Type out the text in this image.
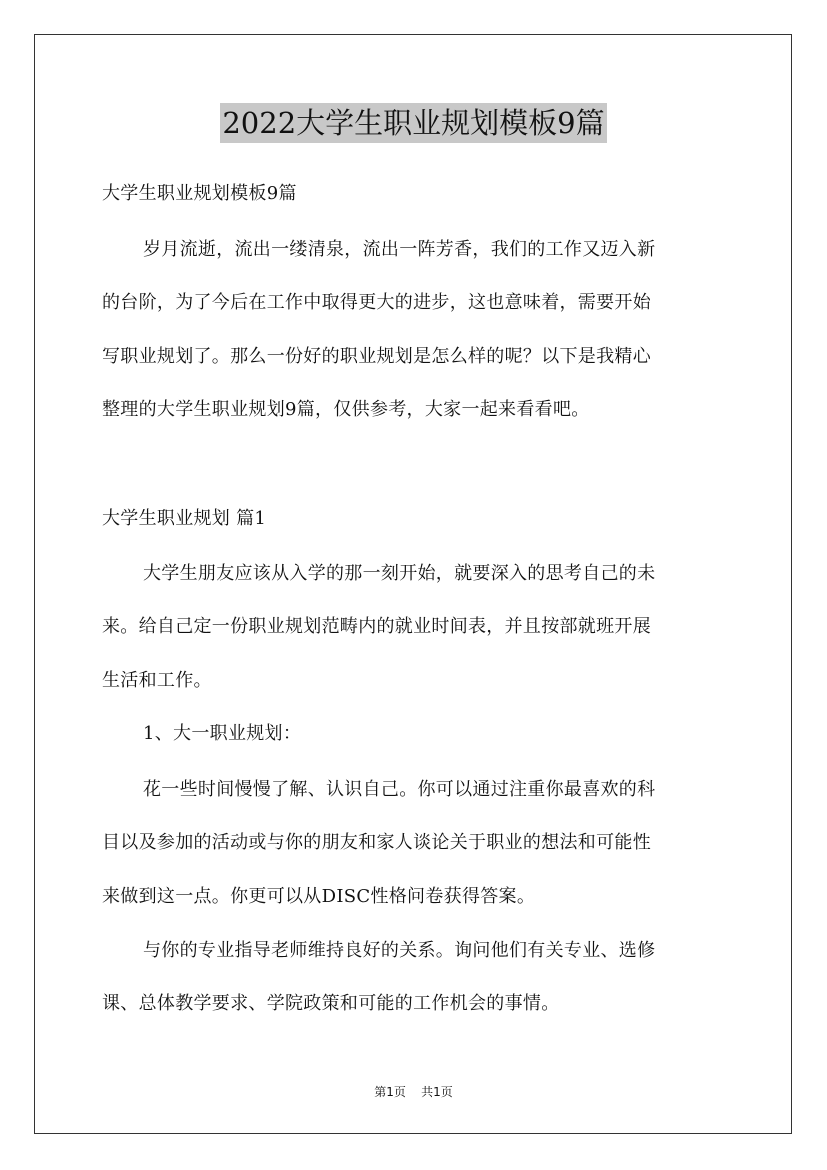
2022大学生职业规划模板9篇
大学生职业规划模板9篇
岁月流逝，流出一缕清泉，流出一阵芳香，我们的工作又迈入新
的台阶，为了今后在工作中取得更大的进步，这也意味着，需要开始
写职业规划了。那么一份好的职业规划是怎么样的呢？以下是我精心
整理的大学生职业规划9篇，仅供参考，大家一起来看看吧。
大学生职业规划 篇1
大学生朋友应该从入学的那一刻开始，就要深入的思考自己的未
来。给自己定一份职业规划范畴内的就业时间表，并且按部就班开展
生活和工作。
1、大一职业规划：
花一些时间慢慢了解、认识自己。你可以通过注重你最喜欢的科
目以及参加的活动或与你的朋友和家人谈论关于职业的想法和可能性
来做到这一点。你更可以从DISC性格问卷获得答案。
与你的专业指导老师维持良好的关系。询问他们有关专业、选修
课、总体教学要求、学院政策和可能的工作机会的事情。
第1页 共1页
